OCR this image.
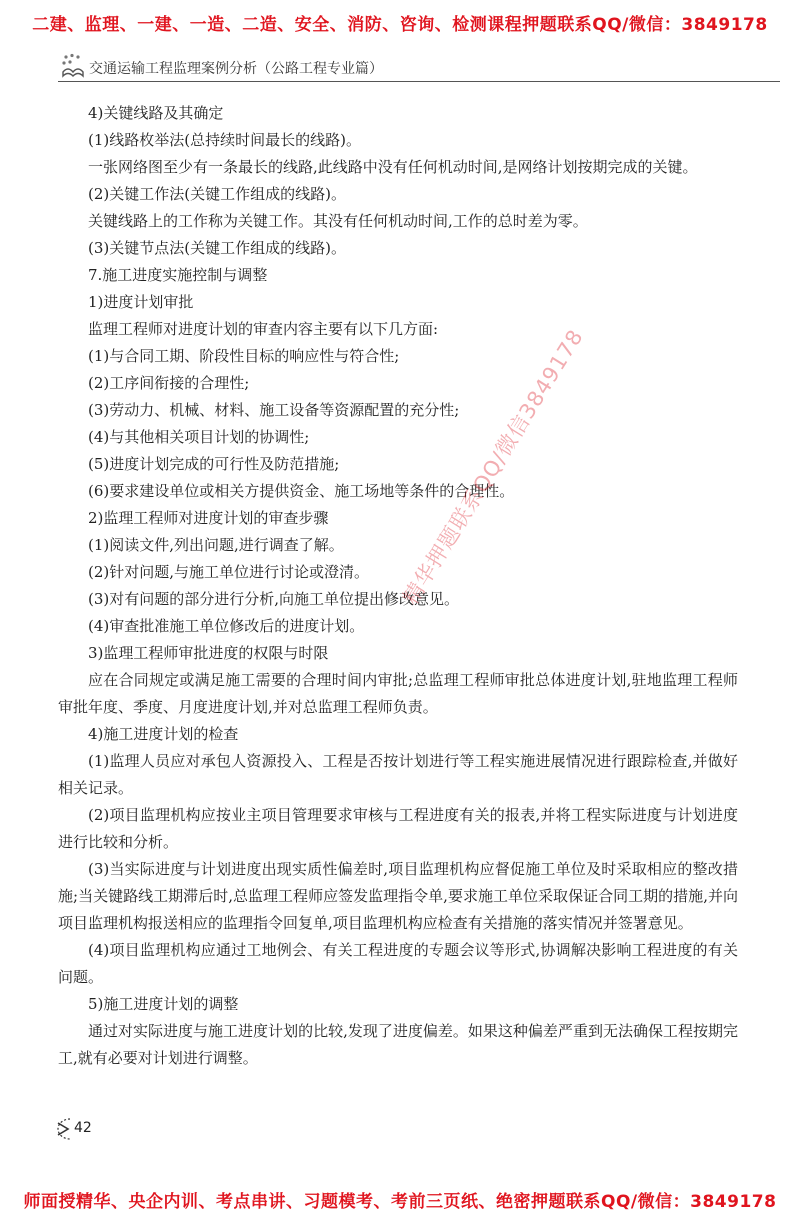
二建、监理、一建、一造、二造、安全、消防、咨询、检测课程押题联系QQ/微信：3849178
交通运输工程监理案例分析（公路工程专业篇）

4)关键线路及其确定

(1)线路枚举法(总持续时间最长的线路)。

一张网络图至少有一条最长的线路,此线路中没有任何机动时间,是网络计划按期完成的关键。

(2)关键工作法(关键工作组成的线路)。

关键线路上的工作称为关键工作。其没有任何机动时间,工作的总时差为零。

(3)关键节点法(关键工作组成的线路)。

7.施工进度实施控制与调整

1)进度计划审批

监理工程师对进度计划的审查内容主要有以下几方面:

(1)与合同工期、阶段性目标的响应性与符合性;

(2)工序间衔接的合理性;

(3)劳动力、机械、材料、施工设备等资源配置的充分性;

(4)与其他相关项目计划的协调性;

(5)进度计划完成的可行性及防范措施;

(6)要求建设单位或相关方提供资金、施工场地等条件的合理性。

2)监理工程师对进度计划的审查步骤

(1)阅读文件,列出问题,进行调查了解。

(2)针对问题,与施工单位进行讨论或澄清。

(3)对有问题的部分进行分析,向施工单位提出修改意见。

(4)审查批准施工单位修改后的进度计划。

3)监理工程师审批进度的权限与时限

应在合同规定或满足施工需要的合理时间内审批;总监理工程师审批总体进度计划,驻地监理工程师审批年度、季度、月度进度计划,并对总监理工程师负责。

4)施工进度计划的检查

(1)监理人员应对承包人资源投入、工程是否按计划进行等工程实施进展情况进行跟踪检查,并做好相关记录。

(2)项目监理机构应按业主项目管理要求审核与工程进度有关的报表,并将工程实际进度与计划进度进行比较和分析。

(3)当实际进度与计划进度出现实质性偏差时,项目监理机构应督促施工单位及时采取相应的整改措施;当关键路线工期滞后时,总监理工程师应签发监理指令单,要求施工单位采取保证合同工期的措施,并向项目监理机构报送相应的监理指令回复单,项目监理机构应检查有关措施的落实情况并签署意见。

(4)项目监理机构应通过工地例会、有关工程进度的专题会议等形式,协调解决影响工程进度的有关问题。

5)施工进度计划的调整

通过对实际进度与施工进度计划的比较,发现了进度偏差。如果这种偏差严重到无法确保工程按期完工,就有必要对计划进行调整。

精华押题联系QQ/微信3849178
42
师面授精华、央企内训、考点串讲、习题模考、考前三页纸、绝密押题联系QQ/微信：3849178
